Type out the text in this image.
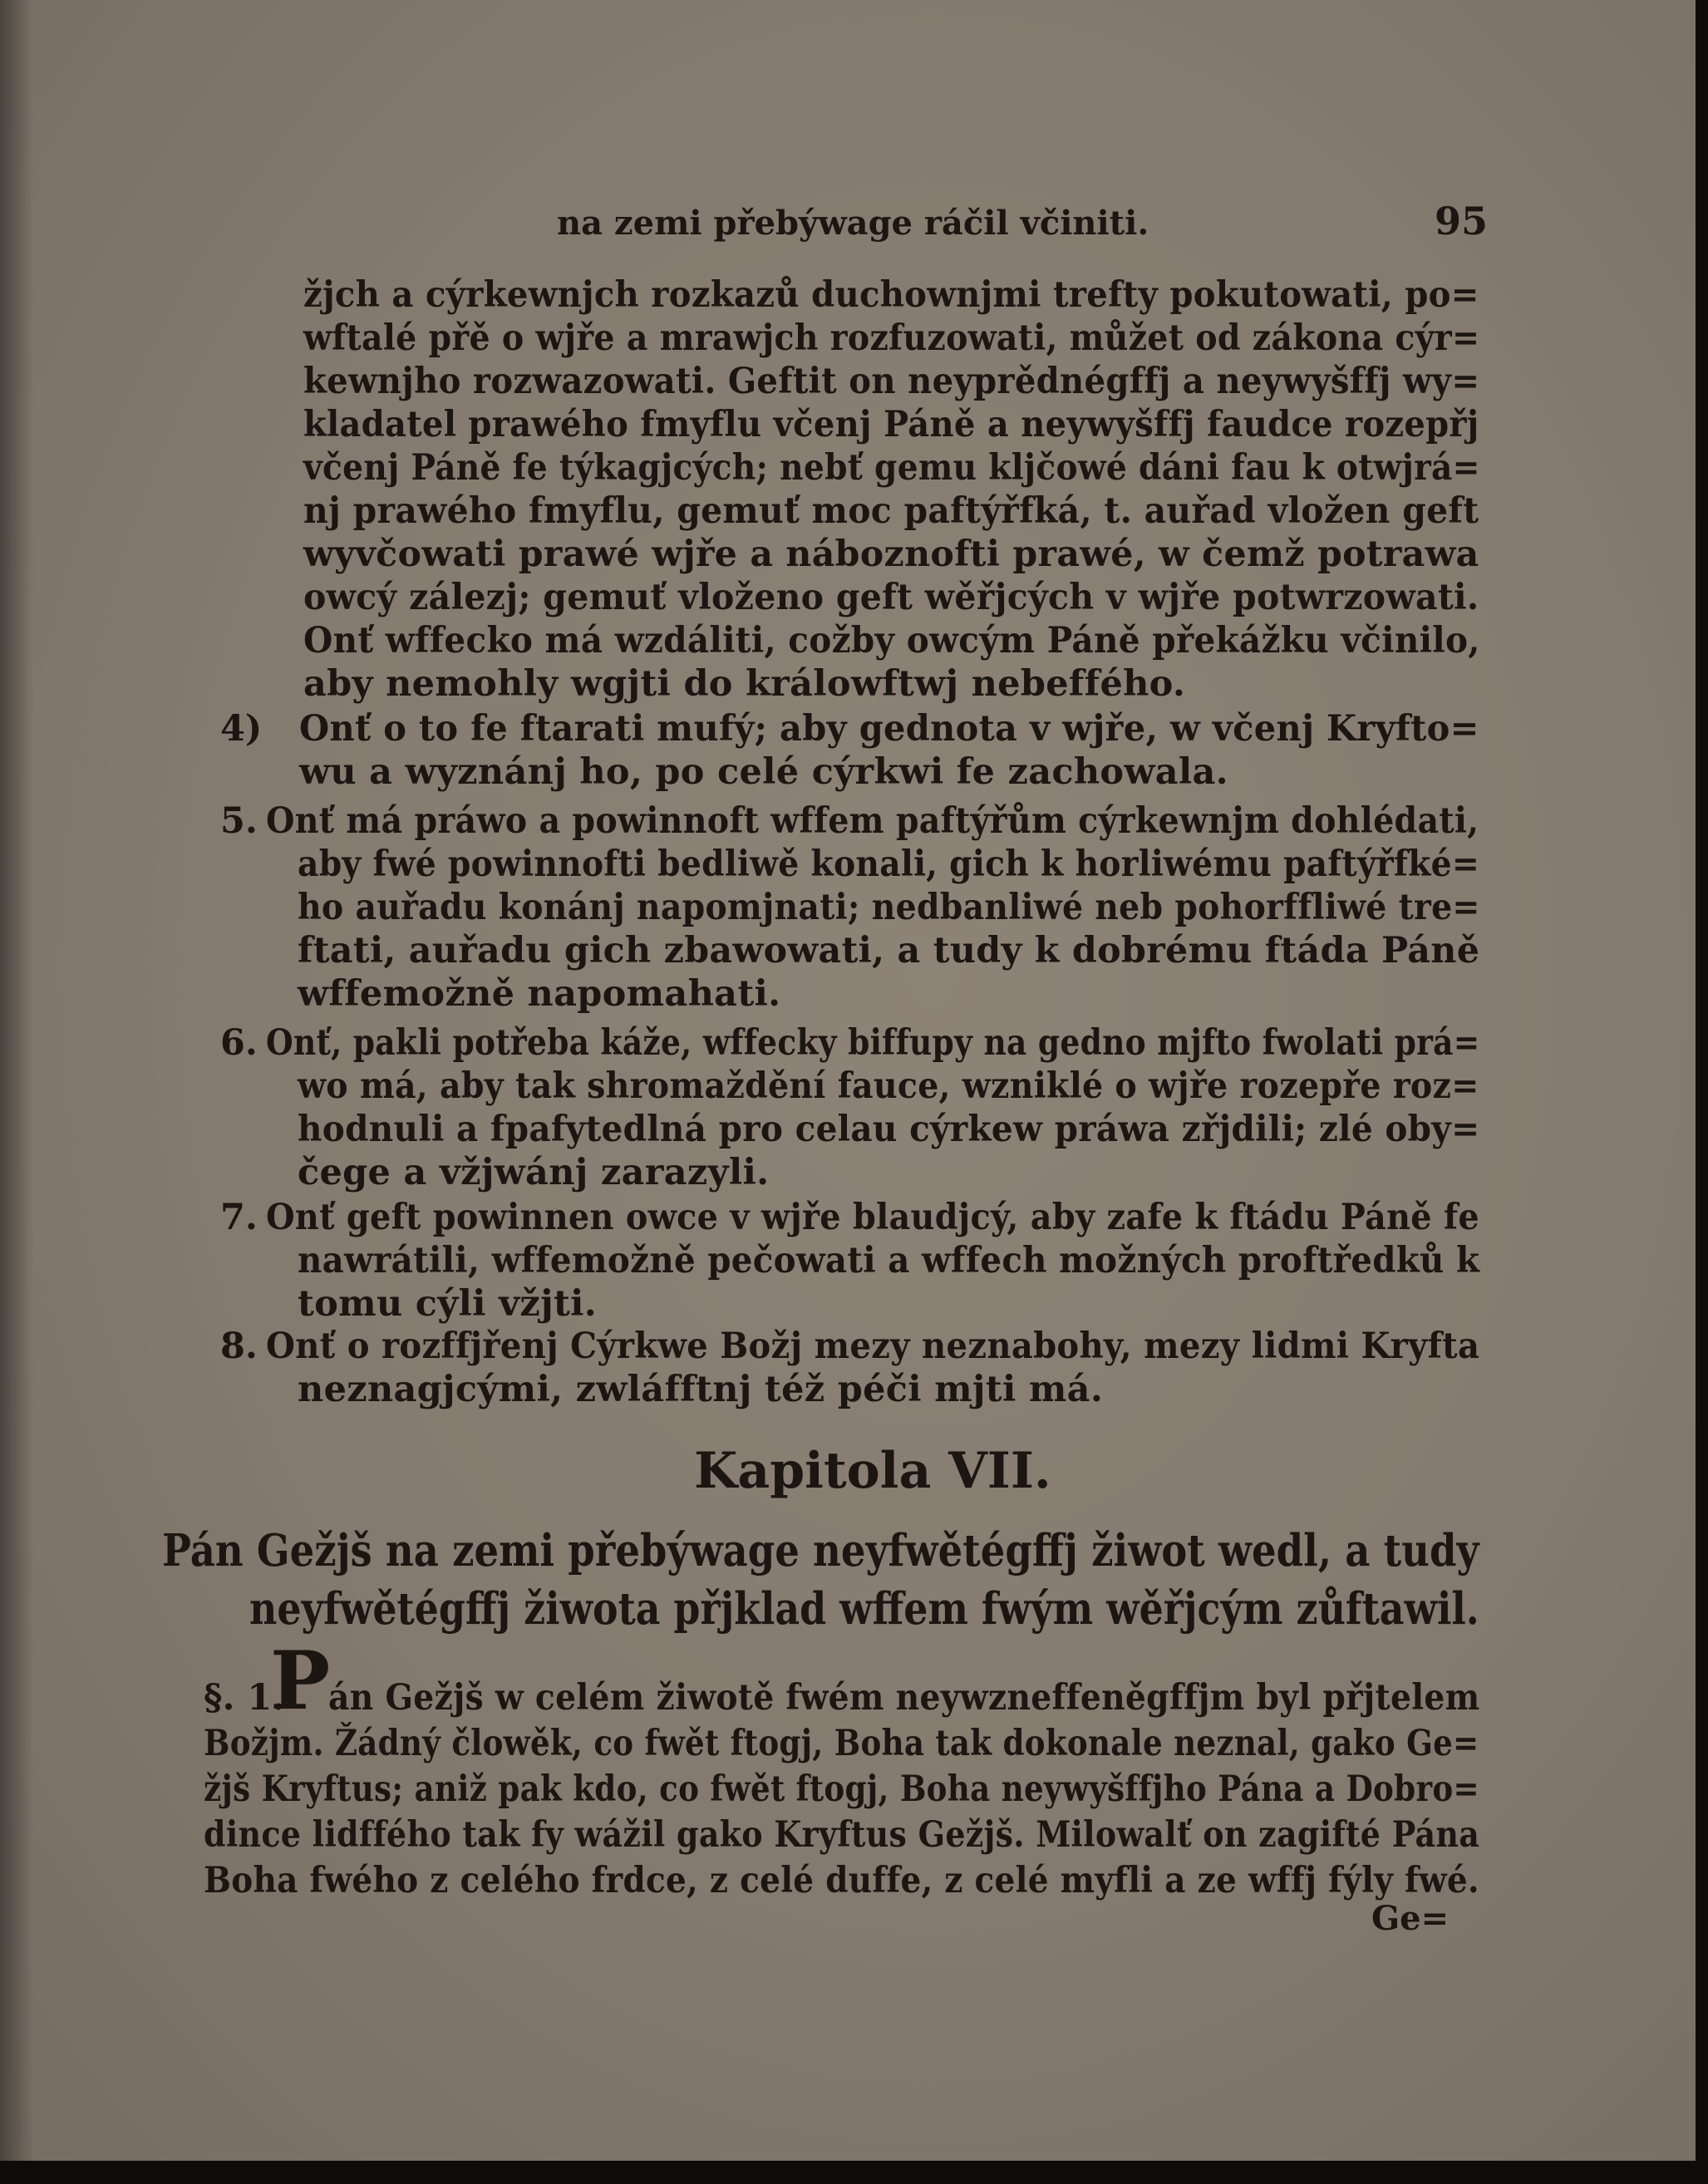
na zemi přebýwage ráčil včiniti.	95
žjch a cýrkewnjch rozkazů duchownjmi trefty pokutowati, po=
wftalé přě o wjře a mrawjch rozfuzowati, můžet od zákona cýr=
kewnjho rozwazowati. Geftit on neyprědnégffj a neywyšffj wy=
kladatel prawého fmyflu včenj Páně a neywyšffj faudce rozepřj
včenj Páně fe týkagjcých; nebť gemu kljčowé dáni fau k otwjrá=
nj prawého fmyflu, gemuť moc paftýřfká, t. auřad vložen geft
wyvčowati prawé wjře a náboznofti prawé, w čemž potrawa
owcý zálezj; gemuť vloženo geft wěřjcých v wjře potwrzowati.
Onť wffecko má wzdáliti, cožby owcým Páně překážku včinilo,
aby nemohly wgjti do králowftwj nebeffého.
4) Onť o to fe ftarati mufý; aby gednota v wjře, w včenj Kryfto=
wu a wyznánj ho, po celé cýrkwi fe zachowala.
5. Onť má práwo a powinnoft wffem paftýřům cýrkewnjm dohlédati,
aby fwé powinnofti bedliwě konali, gich k horliwému paftýřfké=
ho auřadu konánj napomjnati; nedbanliwé neb pohorffliwé tre=
ftati, auřadu gich zbawowati, a tudy k dobrému ftáda Páně
wffemožně napomahati.
6. Onť, pakli potřeba káže, wffecky biffupy na gedno mjfto fwolati prá=
wo má, aby tak shromaždění fauce, wzniklé o wjře rozepře roz=
hodnuli a fpafytedlná pro celau cýrkew práwa zřjdili; zlé oby=
čege a vžjwánj zarazyli.
7. Onť geft powinnen owce v wjře blaudjcý, aby zafe k ftádu Páně fe
nawrátili, wffemožně pečowati a wffech možných proftředků k
tomu cýli vžjti.
8. Onť o rozffjřenj Cýrkwe Božj mezy neznabohy, mezy lidmi Kryfta
neznagjcými, zwláfftnj též péči mjti má.
Kapitola VII.
Pán Gežjš na zemi přebýwage neyfwětégffj žiwot wedl, a tudy
neyfwětégffj žiwota přjklad wffem fwým wěřjcým zůftawil.
§. 1.
P
án Gežjš w celém žiwotě fwém neywzneffeněgffjm byl přjtelem
Božjm. Žádný člowěk, co fwět ftogj, Boha tak dokonale neznal, gako Ge=
žjš Kryftus; aniž pak kdo, co fwět ftogj, Boha neywyšffjho Pána a Dobro=
dince lidffého tak fy wážil gako Kryftus Gežjš. Milowalť on zagifté Pána
Boha fwého z celého frdce, z celé duffe, z celé myfli a ze wffj fýly fwé.
Ge=
